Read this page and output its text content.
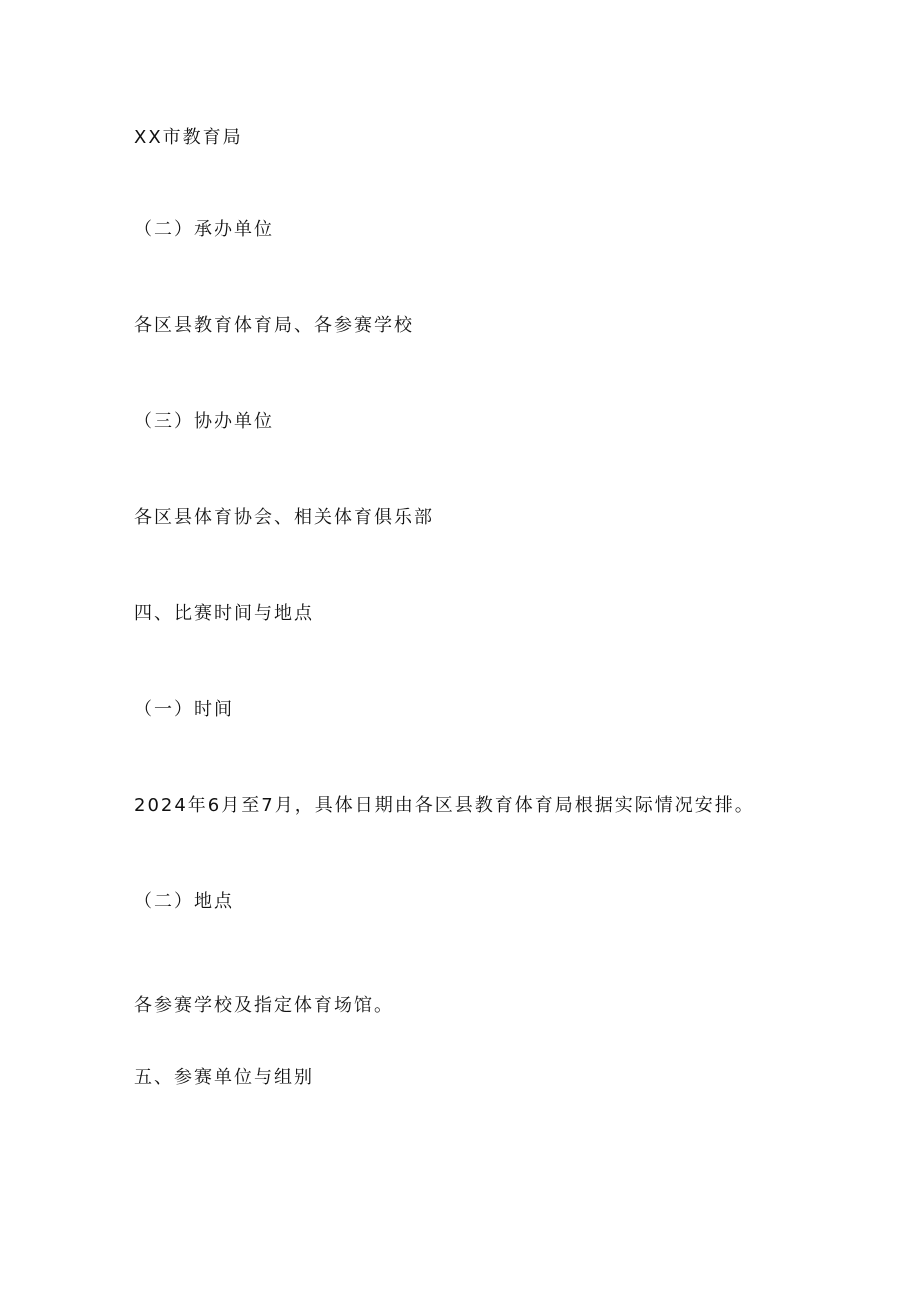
XX市教育局
（二）承办单位
各区县教育体育局、各参赛学校
（三）协办单位
各区县体育协会、相关体育俱乐部
四、比赛时间与地点
（一）时间
2024年6月至7月，具体日期由各区县教育体育局根据实际情况安排。
（二）地点
各参赛学校及指定体育场馆。
五、参赛单位与组别
